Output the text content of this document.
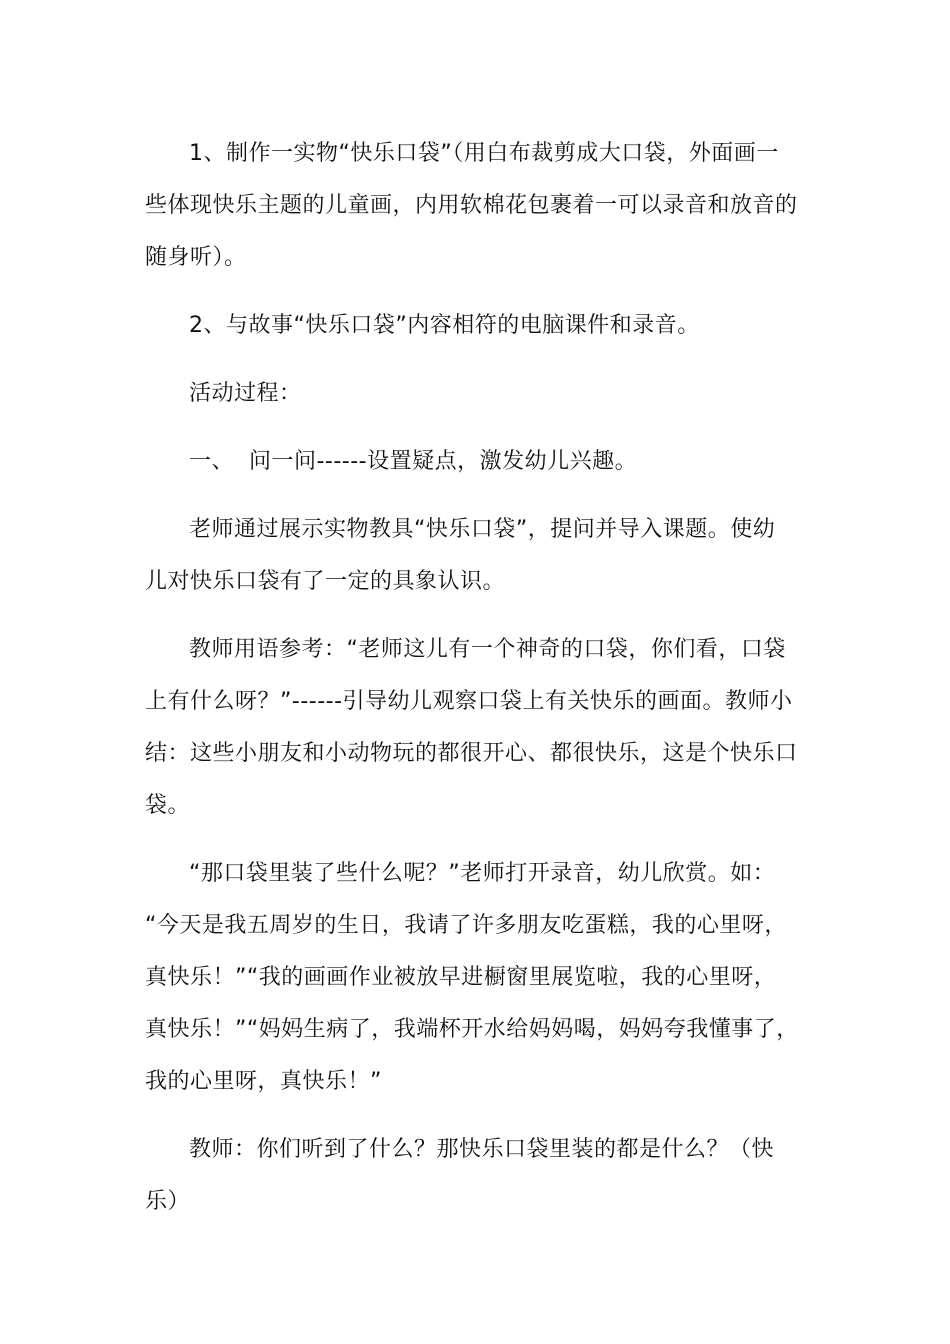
1、制作一实物“快乐口袋”（用白布裁剪成大口袋，外面画一
些体现快乐主题的儿童画，内用软棉花包裹着一可以录音和放音的
随身听）。
2、与故事“快乐口袋”内容相符的电脑课件和录音。
活动过程：
一、  问一问------设置疑点，激发幼儿兴趣。
老师通过展示实物教具“快乐口袋”，提问并导入课题。使幼
儿对快乐口袋有了一定的具象认识。
教师用语参考：“老师这儿有一个神奇的口袋，你们看，口袋
上有什么呀？”------引导幼儿观察口袋上有关快乐的画面。教师小
结：这些小朋友和小动物玩的都很开心、都很快乐，这是个快乐口
袋。
“那口袋里装了些什么呢？”老师打开录音，幼儿欣赏。如：
“今天是我五周岁的生日，我请了许多朋友吃蛋糕，我的心里呀，
真快乐！”“我的画画作业被放早进橱窗里展览啦，我的心里呀，
真快乐！”“妈妈生病了，我端杯开水给妈妈喝，妈妈夸我懂事了，
我的心里呀，真快乐！”
教师：你们听到了什么？那快乐口袋里装的都是什么？（快
乐）
